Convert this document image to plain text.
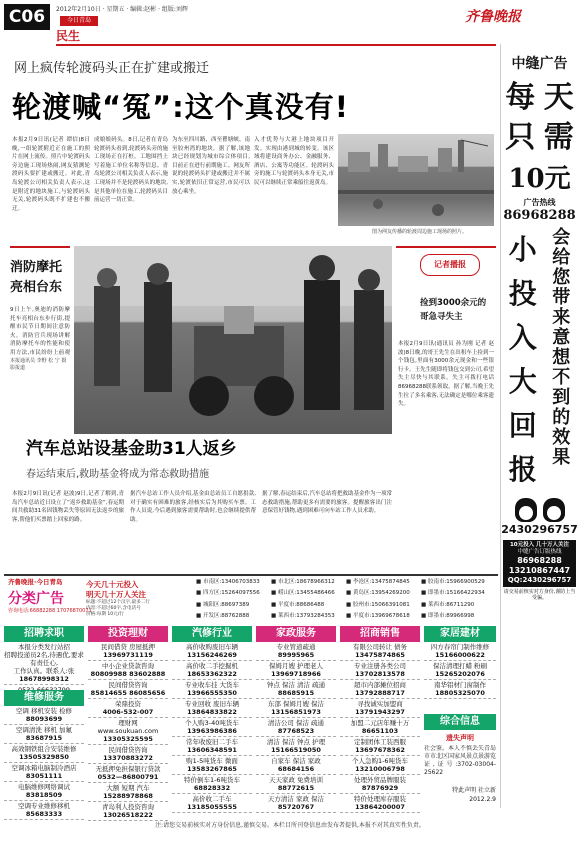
C06	2012年2月10日 · 星期五 · 编辑:赵彬 · 组版:刘辉
今日青岛
民生
齐鲁晚报
网上疯传轮渡码头正在扩建或搬迁
轮渡喊“冤”:这个真没有!
本报2月9日讯(记者 谭信)8日晚,一组轮渡附近正在施工的照片在网上流传。照片中轮渡码头旁边施工现场热闹,网友猜测轮渡码头要扩建或搬迁。对此,青岛轮渡公司相关负责人表示,这是附近的地块施工,与轮渡码头无关,轮渡码头既不扩建也不搬迁。
成娘娘码头。8日,记者在青岛轮渡码头看到,轮渡码头旁的施工现场正在打桩。工地围挡上写着施工单位名称等信息。青岛轮渡公司相关负责人表示,施工现场并不是轮渡码头的地块,是其他单位在施工,轮渡码头目前运营一切正常。
为东至四川路、西至瞿塘峡、南至胶州湾的地块。据了解,该地块已经规划为城市综合体项目,目前正在进行前期施工。网友所说的轮渡码头扩建或搬迁并不属实,轮渡依旧正常运营,市民可以放心乘坐。
入才优势与大港上地块项目开发。实现由港到城的转变。该区域将建设商务办公、金融服务、酒店、公寓等功能区。轮渡码头旁的施工与轮渡码头本身无关,市民可以继续正常乘船往返黄岛。
图为网友传播的轮渡周边施工现场的照片。
消防摩托
亮相台东
9日上午,奥迪的消防摩托车亮相台东步行街,提醒市民节日期间注意防火。消防官兵现场讲解消防摩托车的性能和使用方法,市民纷纷上前观
本报通讯员 李野 松 宁 摄影报道
记者播报
捡到3000余元的哥急寻失主
本报2月9日讯(通讯员 孙为刚 记者 赵波)8日晚,的哥王先生在出租车上捡到一个钱包,里面有3000余元现金和一些银行卡。王先生随即将钱包交到公司,希望失主尽快与其联系。失主可拨打电话86968288联系领取。据了解,当晚王先生拉了多名乘客,无法确定是哪位乘客遗失。
汽车总站设基金助31人返乡
春运结束后,救助基金将成为常态救助措施
本报2月9日讯(记者 赵波)9日,记者了解到,青岛汽车总站近日设立了“返乡救助基金”,春运期间共救助31名因钱物丢失等原因无法返乡的旅客,帮他们买票踏上回家的路。
据汽车总站工作人员介绍,基金由总站员工自愿捐款,对于确实有困难的旅客,经核实后为其购买车票。工作人员说,今后遇到旅客需要帮助时,也会继续提供帮助。
据了解,春运结束后,汽车总站将把救助基金作为一项常态救助措施,帮助更多有需要的旅客。提醒旅客出门注意保管好钱物,遇到困难可向车站工作人员求助。
齐鲁晚报·今日青岛
分类广告
咨询电话:66882288 17076870071
今天几十元投入
明天几十万人关注
标题:不超过12个汉字,最多二行
内容:不超过60字,含电话号
价格:每期 10元/行
■ 市南区:13406703833	■ 市北区:18678966312	■ 李沧区:13475874845	■ 胶南市:15966900529
■ 四方区:15264097556	■ 崂山区:13455486466	■ 黄岛区:13954269200	■ 即墨市:15166422934
■ 城阳区:88697389	■ 平度市:88686488	■ 胶州市:15066391081	■ 莱西市:86711290
■ 开发区:88762888	■ 莱西市:13793284353	■ 平度市:13969678618	■ 即墨市:89966998
招聘求职
本报分类发行站招
招聘投递员2名,待遇优,要求有责任心,
工作认真。联系人:张
18678998312
维修服务
空调 移机安装 检修
88093699
空调清洗 移机 加氟
83687915
高效钢铁组合安装维修
13505329850
空调冰箱电脑制冷酒店
83051111
电脑维修网络调试
83818509
空调专业维修移机
85683333
投资理财
民间借贷 房屋抵押
13969731119
中小企业贷款咨询
80809988 83602888
民间借贷咨询
85814655 86085656
荣鼎投资
4006-532-007
理财网
www.soukuan.com
13305325595
民间借贷咨询
13370883272
无抵押免担保银行贷款
0532—86800791
大额 短期 汽车
15288978868
青岛利人投资咨询
13026518222
汽修行业
高价收购废旧车辆
13156246269
高价收二手挖掘机
18653362322
专业收车挂 大货车
13966555350
专业回收 废旧车辆
13864833822
个人购3-40吨货车
13963986386
常年收废旧二手车
13606348591
购1-5吨货车 微面
13583267865
特价倒车1-6吨货车
68828332
高价收二手车
13185055555
家政服务
专业管道疏通
89995965
保姆月嫂 护理老人
13969718966
钟点 保洁 清洁 疏通
88685915
东部 保姆月嫂 保洁
13156851973
清洁公司 保洁 疏通
87768523
清洁 保洁 钟点 护理
15166519050
自家车 保洁 家政
68684156
天天家政 免费培训
88772615
天方清洁 家政 保洁
85720767
招商销售
有限公司转让 债务
13475874865
专业注册各类公司
13702813578
超市内部摊位招商
13792888717
寻找诚实加盟商
13791943297
加盟二元店年赚十万
86651103
定制团体工装西服
13697678362
个人急购1-6吨货车
13210006798
处理外贸品牌服装
87876929
特价处理库存服装
13864200007
家居建材
四方春帘门制作维修
15166000622
保洁清理打蜡 粉刷
15265202076
南华铝材门窗制作
18805325070
综合信息
遗失声明
社会鉴。本人不慎丢失青岛市市北区国家风景点景游览证,证号:3702-03004-25622
特此声明 社立新 2012.2.9
中缝广告
每 天
只 需
10元
广告热线
86968288
小
投
入
大
回
报
会
给
您
带
来
意
想
不
到
的
效
果
2430296757
10元投入 几十万人关注
中缝广告订版热线
86968288
13210867447
QQ:2430296757
请交易前核实对方身份,谨防上当受骗。
注:请您交易前核实对方身份信息,谨慎交易。本栏目所刊登信息由发布者提供,本报不对其真实性负责。
